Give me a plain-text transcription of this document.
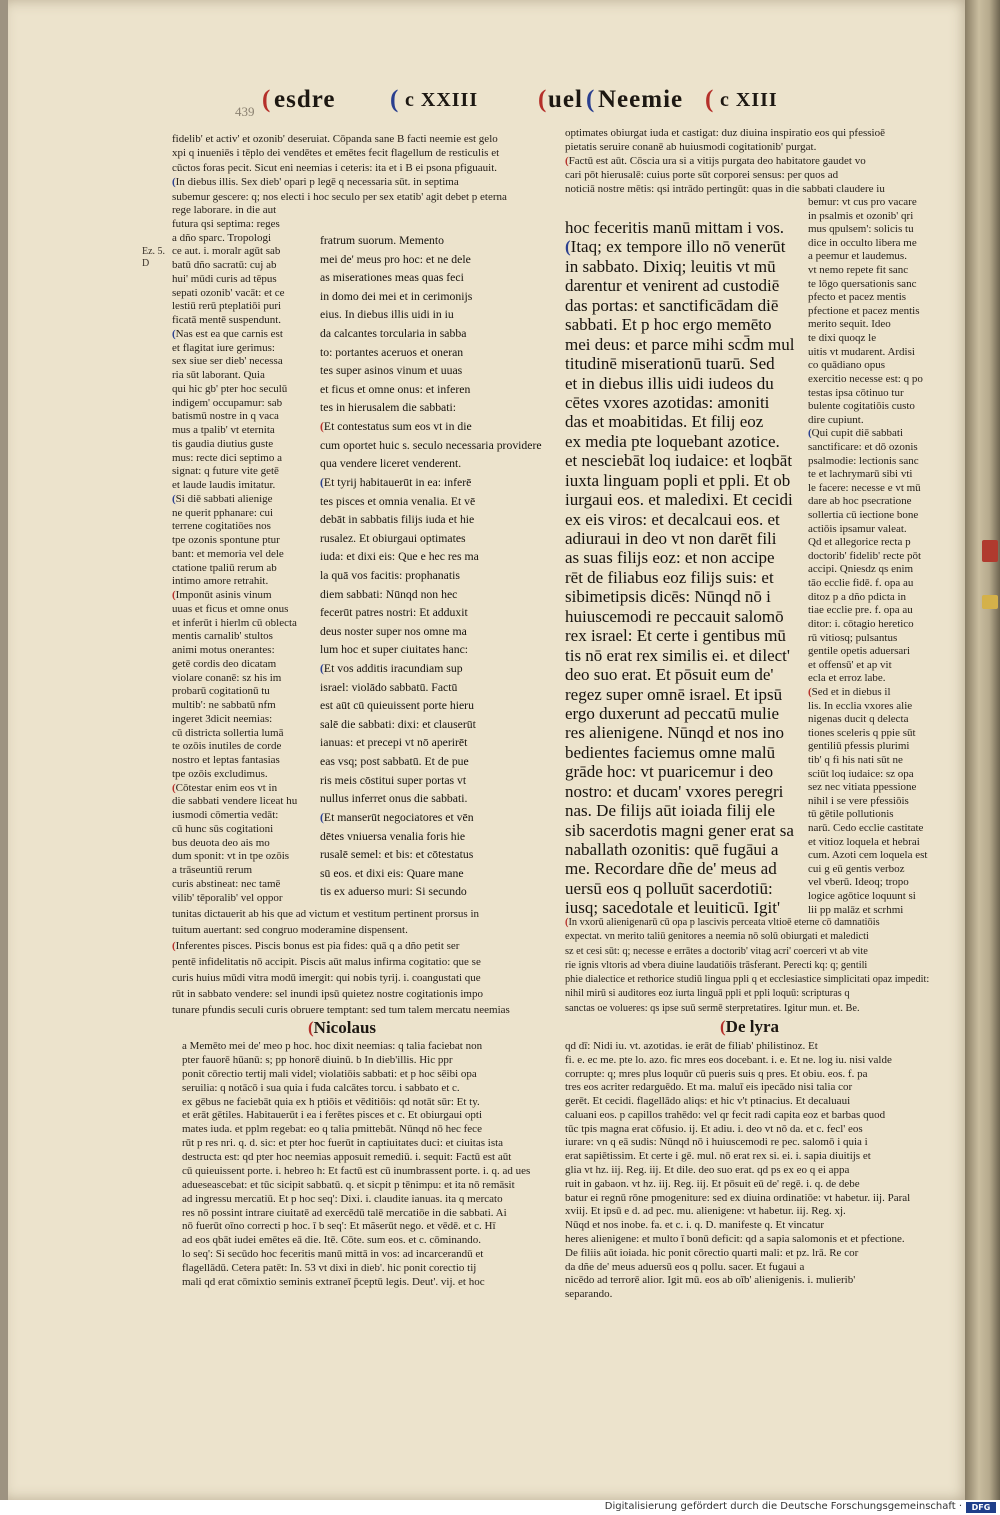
( esdre ( c XXIII ( uel ( Neemie ( c XIII
439
Ez. 5. D

fidelib' et activ' et ozonib' deseruiat. Cōpanda sane B facti neemie est gelo

xpi q inueniēs i tēplo dei vendētes et emētes fecit flagellum de resticulis et

cūctos foras pecit. Sicut eni neemias i ceteris: ita et i B ei psona pfiguauit.

(In diebus illis. Sex dieb' opari p legē q necessaria sūt. in septima

subemur gescere: q; nos electi i hoc seculo per sex etatib' agit debet p eterna

rege laborare. in die aut

futura qsi septima: reges

a dño sparc. Tropologi

ce aut. i. moralr agūt sab

batū dño sacratū: cuj ab

hui' mūdi curis ad tēpus

sepati ozonib' vacāt: et ce

lestiū rerū pteplatiōi puri

ficatā mentē suspendunt.

(Nas est ea que carnis est

et flagitat iure gerimus:

sex siue ser dieb' necessa

ria sūt laborant. Quia

qui hic gb' pter hoc seculū

indigem' occupamur: sab

batismū nostre in q vaca

mus a tpalib' vt eternita

tis gaudia diutius guste

mus: recte dici septimo a

signat: q future vite getē

et laude laudis imitatur.

(Si diē sabbati alienige

ne querit pphanare: cui

terrene cogitatiōes nos

tpe ozonis spontune ptur

bant: et memoria vel dele

ctatione tpaliū rerum ab

intimo amore retrahit.

(Imponūt asinis vinum

uuas et ficus et omne onus

et inferūt i hierlm cū oblecta

mentis carnalib' stultos

animi motus onerantes:

getē cordis deo dicatam

violare conanē: sz his im

probarū cogitationū tu

multib': ne sabbatū nfm

ingeret 3dicit neemias:

cū districta sollertia lumā

te ozōis inutiles de corde

nostro et leptas fantasias

tpe ozōis excludimus.

(Cōtestar enim eos vt in

die sabbati vendere liceat hu

iusmodi cōmertia vedāt:

cū hunc sūs cogitationi

bus deuota deo ais mo

dum sponit: vt in tpe ozōis

a trāseuntiū rerum

curis abstineat: nec tamē

vilib' tēporalib' vel oppor

fratrum suorum. Memento

mei de' meus pro hoc: et ne dele

as miserationes meas quas feci

in domo dei mei et in cerimonijs

eius. In diebus illis uidi in iu

da calcantes torcularia in sabba

to: portantes aceruos et oneran

tes super asinos vinum et uuas

et ficus et omne onus: et inferen

tes in hierusalem die sabbati:

(Et contestatus sum eos vt in die

cum oportet huic s. seculo necessaria providere

qua vendere liceret venderent.

(Et tyrij habitauerūt in ea: inferē

tes pisces et omnia venalia. Et vē

debāt in sabbatis filijs iuda et hie

rusalez. Et obiurgaui optimates

iuda: et dixi eis: Que e hec res ma

la quā vos facitis: prophanatis

diem sabbati: Nūnqd non hec

fecerūt patres nostri: Et adduxit

deus noster super nos omne ma

lum hoc et super ciuitates hanc:

(Et vos additis iracundiam sup

israel: violādo sabbatū. Factū

est aūt cū quieuissent porte hieru

salē die sabbati: dixi: et clauserūt

ianuas: et precepi vt nō aperirēt

eas vsq; post sabbatū. Et de pue

ris meis cōstitui super portas vt

nullus inferret onus die sabbati.

(Et manserūt negociatores et vēn

dētes vniuersa venalia foris hie

rusalē semel: et bis: et cōtestatus

sū eos. et dixi eis: Quare mane

tis ex aduerso muri: Si secundo

tunitas dictauerit ab his que ad victum et vestitum pertinent prorsus in

tuitum auertant: sed congruo moderamine dispensent.

(Inferentes pisces. Piscis bonus est pia fides: quā q a dño petit ser

pentē infidelitatis nō accipit. Piscis aūt malus infirma cogitatio: que se

curis huius mūdi vitra modū imergit: qui nobis tyrij. i. coangustati que

rūt in sabbato vendere: sel inundi ipsū quietez nostre cogitationis impo

tunare pfundis seculi curis obruere temptant: sed tum talem mercatu neemias

optimates obiurgat iuda et castigat: duz diuina inspiratio eos qui pfessioē

pietatis seruire conanē ab huiusmodi cogitationib' purgat.

(Factū est aūt. Cōscia ura si a vitijs purgata deo habitatore gaudet vo

cari pōt hierusalē: cuius porte sūt corporei sensus: per quos ad

noticiā nostre mētis: qsi intrādo pertingūt: quas in die sabbati claudere iu

hoc feceritis manū mittam i vos.

(Itaq; ex tempore illo nō venerūt

in sabbato. Dixiq; leuitis vt mū

darentur et venirent ad custodiē

das portas: et sanctificādam diē

sabbati. Et p hoc ergo memēto

mei deus: et parce mihi scd̄m mul

titudinē miserationū tuarū. Sed

et in diebus illis uidi iudeos du

cētes vxores azotidas: amoniti

das et moabitidas. Et filij eoz

ex media pte loquebant azotice.

et nesciebāt loq iudaice: et loqbāt

iuxta linguam popli et ppli. Et ob

iurgaui eos. et maledixi. Et cecidi

ex eis viros: et decalcaui eos. et

adiuraui in deo vt non darēt fili

as suas filijs eoz: et non accipe

rēt de filiabus eoz filijs suis: et

sibimetipsis dicēs: Nūnqd nō i

huiuscemodi re peccauit salomō

rex israel: Et certe i gentibus mū

tis nō erat rex similis ei. et dilect'

deo suo erat. Et pōsuit eum de'

regez super omnē israel. Et ipsū

ergo duxerunt ad peccatū mulie

res alienigene. Nūnqd et nos ino

bedientes faciemus omne malū

grāde hoc: vt puaricemur i deo

nostro: et ducam' vxores peregri

nas. De filijs aūt ioiada filij ele

sib sacerdotis magni gener erat sa

naballath ozonitis: quē fugāui a

me. Recordare dñe de' meus ad

uersū eos q polluūt sacerdotiū:

iusq; sacedotale et leuiticū. Igit'

bemur: vt cus pro vacare

in psalmis et ozonib' qri

mus qpulsem': solicis tu

dice in occulto libera me

a peemur et laudemus.

vt nemo repete fit sanc

te lōgo quersationis sanc

pfecto et pacez mentis

pfectione et pacez mentis

merito sequit. Ideo

te dixi quoqz le

uitis vt mudarent. Ardisi

co quādiano opus

exercitio necesse est: q po

testas ipsa cōtinuo tur

bulente cogitatiōis custo

dire cupiunt.

(Qui cupit diē sabbati

sanctificare: et dō ozonis

psalmodie: lectionis sanc

te et lachrymarū sibi vti

le facere: necesse e vt mū

dare ab hoc psecratione

sollertia cū iectione bone

actiōis ipsamur valeat.

Qd et allegorice recta p

doctorib' fidelib' recte pōt

accipi. Qniesdz qs enim

tāo ecclie fidē. f. opa au

ditoz p a dño pdicta in

tiae ecclie pre. f. opa au

ditor: i. cōtagio heretico

rū vitiosq; pulsantus

gentile opetis aduersari

et offensū' et ap vit

ecla et erroz labe.

(Sed et in diebus il

lis. In ecclia vxores alie

nigenas ducit q delecta

tiones sceleris q ppie sūt

gentiliū pfessis plurimi

tib' q fi his nati sūt ne

sciūt loq iudaice: sz opa

sez nec vitiata ppessione

nihil i se vere pfessiōis

tū gētile pollutionis

narū. Cedo ecclie castitate

et vitioz loquela et hebrai

cum. Azoti cem loquela est

cui g eū gentis verboz

vel vberū. Ideoq; tropo

logice agōtice loquunt si

lii pp malāz et scrhmi

(In vxorū alienigenarū cū opa p lascivis perceata vltioē eterne cō damnatiōis

expectat. vn merito taliū genitores a neemia nō solū obiurgati et maledicti

sz et cesi sūt: q; necesse e errātes a doctorib' vitag acri' coerceri vt ab vite

rie ignis vltoris ad vbera diuine laudatiōis trāsferant. Perecti kq: q; gentili

phie dialectice et rethorice studiū lingua ppli q et ecclesiastice simplicitati opaz impedit:

nihil mirū si auditores eoz iurta linguā ppli et ppli loquū: scripturas q

sanctas oe volueres: qs ipse suū sermē sterpretatires. Igitur mun. et. Be.

(Nicolaus	(De lyra

a Memēto mei de' meo p hoc. hoc dixit neemias: q talia faciebat non

pter fauorē hūanū: s; pp honorē diuinū. b In dieb'illis. Hic ppr

ponit cōrectio tertij mali videl; violatiōis sabbati: et p hoc sēibi opa

seruilia: q notācō i sua quia i fuda calcātes torcu. i sabbato et c.

ex gēbus ne faciebāt quia ex h ptiōis et vēditiōis: qd notāt sūr: Et ty.

et erāt gētiles. Habitauerūt i ea i ferētes pisces et c. Et obiurgaui opti

mates iuda. et pplm regebat: eo q talia pmittebāt. Nūnqd nō hec fece

rūt p res nri. q. d. sic: et pter hoc fuerūt in captiuitates duci: et ciuitas ista

destructa est: qd pter hoc neemias apposuit remediū. i. sequit: Factū est aūt

cū quieuissent porte. i. hebreo h: Et factū est cū inumbrassent porte. i. q. ad ues

adueseascebat: et tūc sicipit sabbatū. q. et sicpit p tēnimpu: et ita nō remāsit

ad ingressu mercatiū. Et p hoc seq': Dixi. i. claudite ianuas. ita q mercato

res nō possint intrare ciuitatē ad exercēdū talē mercatiōe in die sabbati. Ai

nō fuerūt oīno correcti p hoc. ī b seq': Et mãserūt nego. et vēdē. et c. Hī

ad eos qbāt iudei emētes eā die. Itē. Cōte. sum eos. et c. cōminando.

lo seq': Si secūdo hoc feceritis manū mittā in vos: ad incarcerandū et

flagellādū. Cetera patēt: In. 53 vt dixi in dieb'. hic ponit corectio tij

mali qd erat cōmixtio seminis extraneī p̄ceptū legis. Deut'. vij. et hoc

qd dī: Nidi iu. vt. azotidas. ie erāt de filiab' philistinoz. Et

fi. e. ec me. pte lo. azo. fic mres eos docebant. i. e. Et ne. log iu. nisi valde

corrupte: q; mres plus loquūr cū pueris suis q pres. Et obiu. eos. f. pa

tres eos acriter redarguēdo. Et ma. maluī eis ipecādo nisi talia cor

gerēt. Et cecidi. flagellādo aliqs: et hic v't ptinacius. Et decaluaui

caluani eos. p capillos trahēdo: vel qr fecit radi capita eoz et barbas quod

tūc tpis magna erat cōfusio. ij. Et adiu. i. deo vt nō da. et c. fecl' eos

iurare: vn q eā sudis: Nūnqd nō i huiuscemodi re pec. salomō i quia i

erat sapiētissim. Et certe i gē. mul. nō erat rex si. ei. i. sapia diuitijs et

glia vt hz. iij. Reg. iij. Et dile. deo suo erat. qd ps ex eo q ei appa

ruit in gabaon. vt hz. iij. Reg. iij. Et pōsuit eū de' regē. i. q. de debe

batur ei regnū rōne pmogeniture: sed ex diuina ordinatiōe: vt habetur. iij. Paral

xviij. Et ipsū e d. ad pec. mu. alienigene: vt habetur. iij. Reg. xj.

Nūqd et nos inobe. fa. et c. i. q. D. manifeste q. Et vincatur

heres alienigene: et multo ī bonū deficit: qd a sapia salomonis et et pfectione.

De filiis aūt ioiada. hic ponit cōrectio quarti mali: et pz. lrā. Re cor

da dñe de' meus aduersū eos q pollu. sacer. Et fugaui a

nicēdo ad terrorē alior. Igit mū. eos ab oīb' alienigenis. i. mulierib'

separando.

Digitalisierung gefördert durch die Deutsche Forschungsgemeinschaft ·	DFG
